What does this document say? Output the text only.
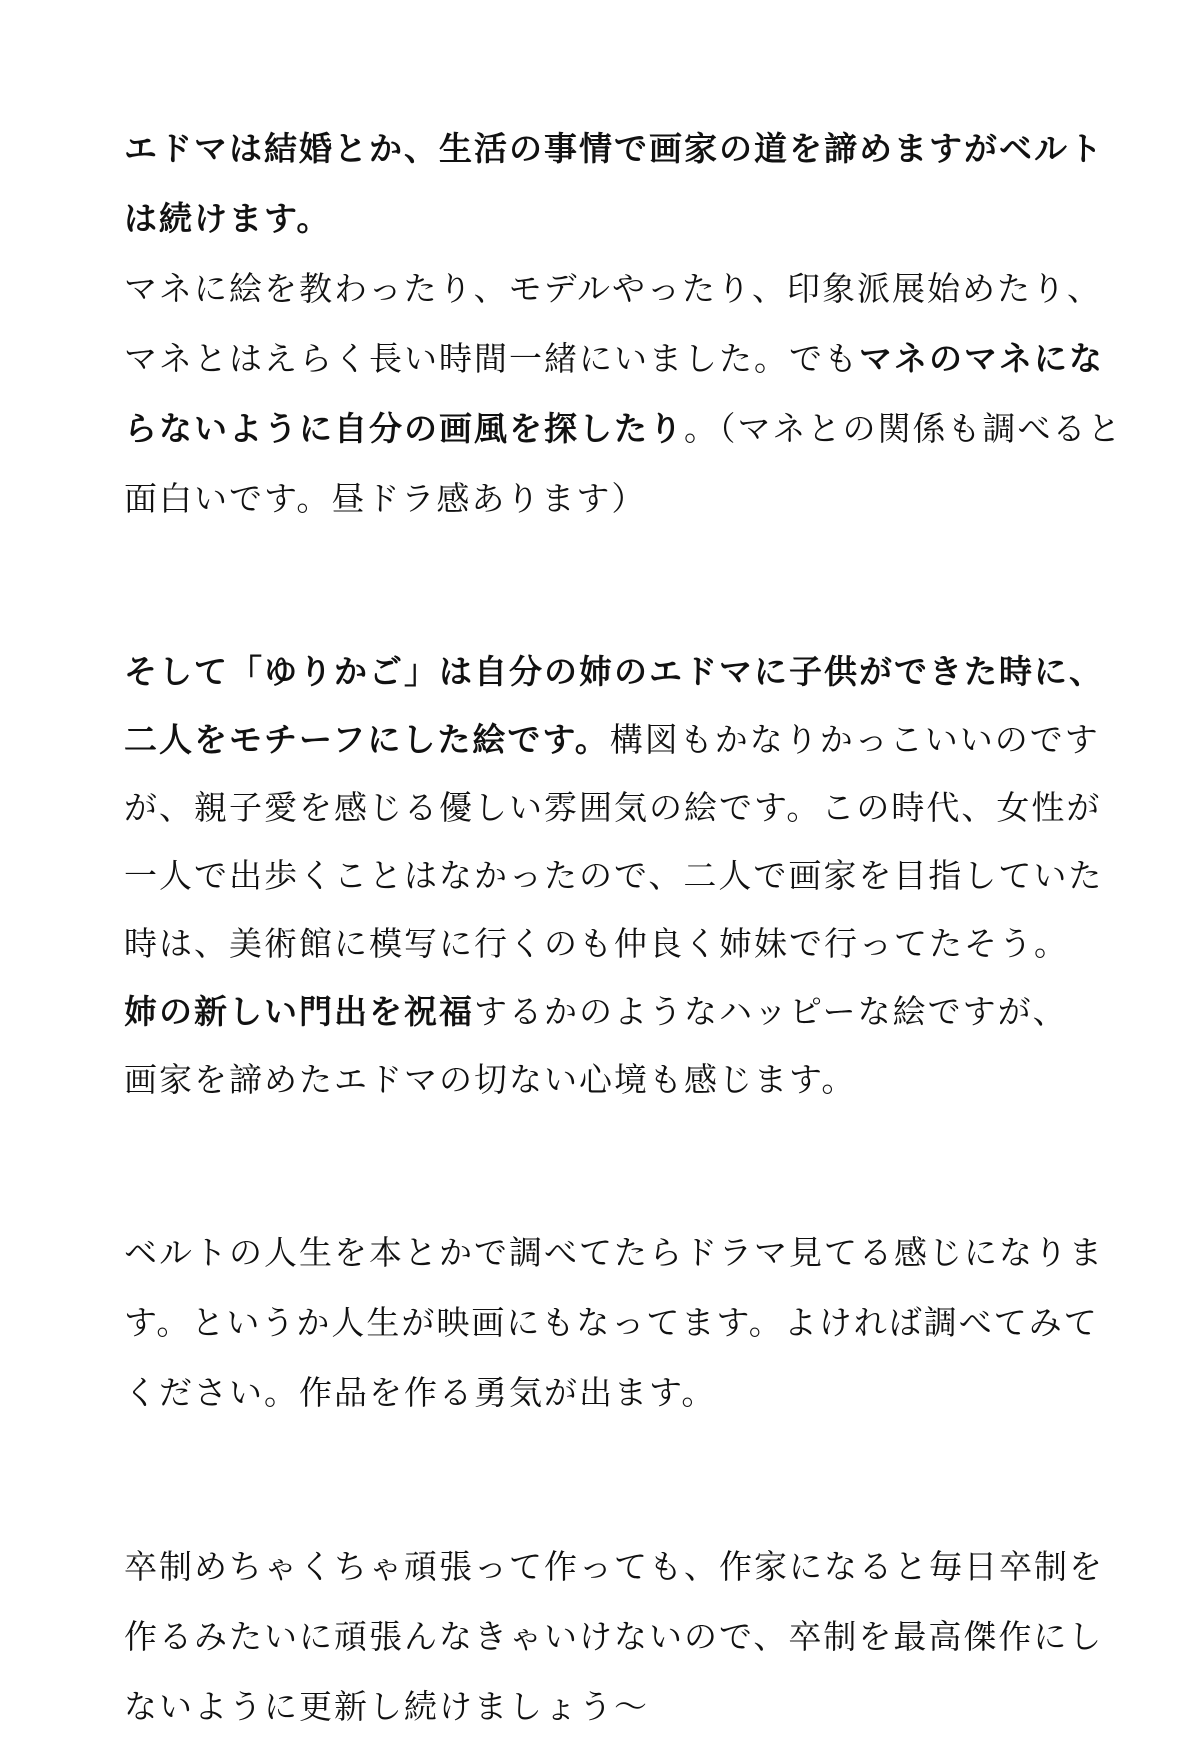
エドマは結婚とか、生活の事情で画家の道を諦めますがベルト
は続けます。
マネに絵を教わったり、モデルやったり、印象派展始めたり、
マネとはえらく長い時間一緒にいました。でもマネのマネにな
らないように自分の画風を探したり。（マネとの関係も調べると
面白いです。昼ドラ感あります）
そして「ゆりかご」は自分の姉のエドマに子供ができた時に、
二人をモチーフにした絵です。構図もかなりかっこいいのです
が、親子愛を感じる優しい雰囲気の絵です。この時代、女性が
一人で出歩くことはなかったので、二人で画家を目指していた
時は、美術館に模写に行くのも仲良く姉妹で行ってたそう。
姉の新しい門出を祝福するかのようなハッピーな絵ですが、
画家を諦めたエドマの切ない心境も感じます。
ベルトの人生を本とかで調べてたらドラマ見てる感じになりま
す。というか人生が映画にもなってます。よければ調べてみて
ください。作品を作る勇気が出ます。
卒制めちゃくちゃ頑張って作っても、作家になると毎日卒制を
作るみたいに頑張んなきゃいけないので、卒制を最高傑作にし
ないように更新し続けましょう〜
